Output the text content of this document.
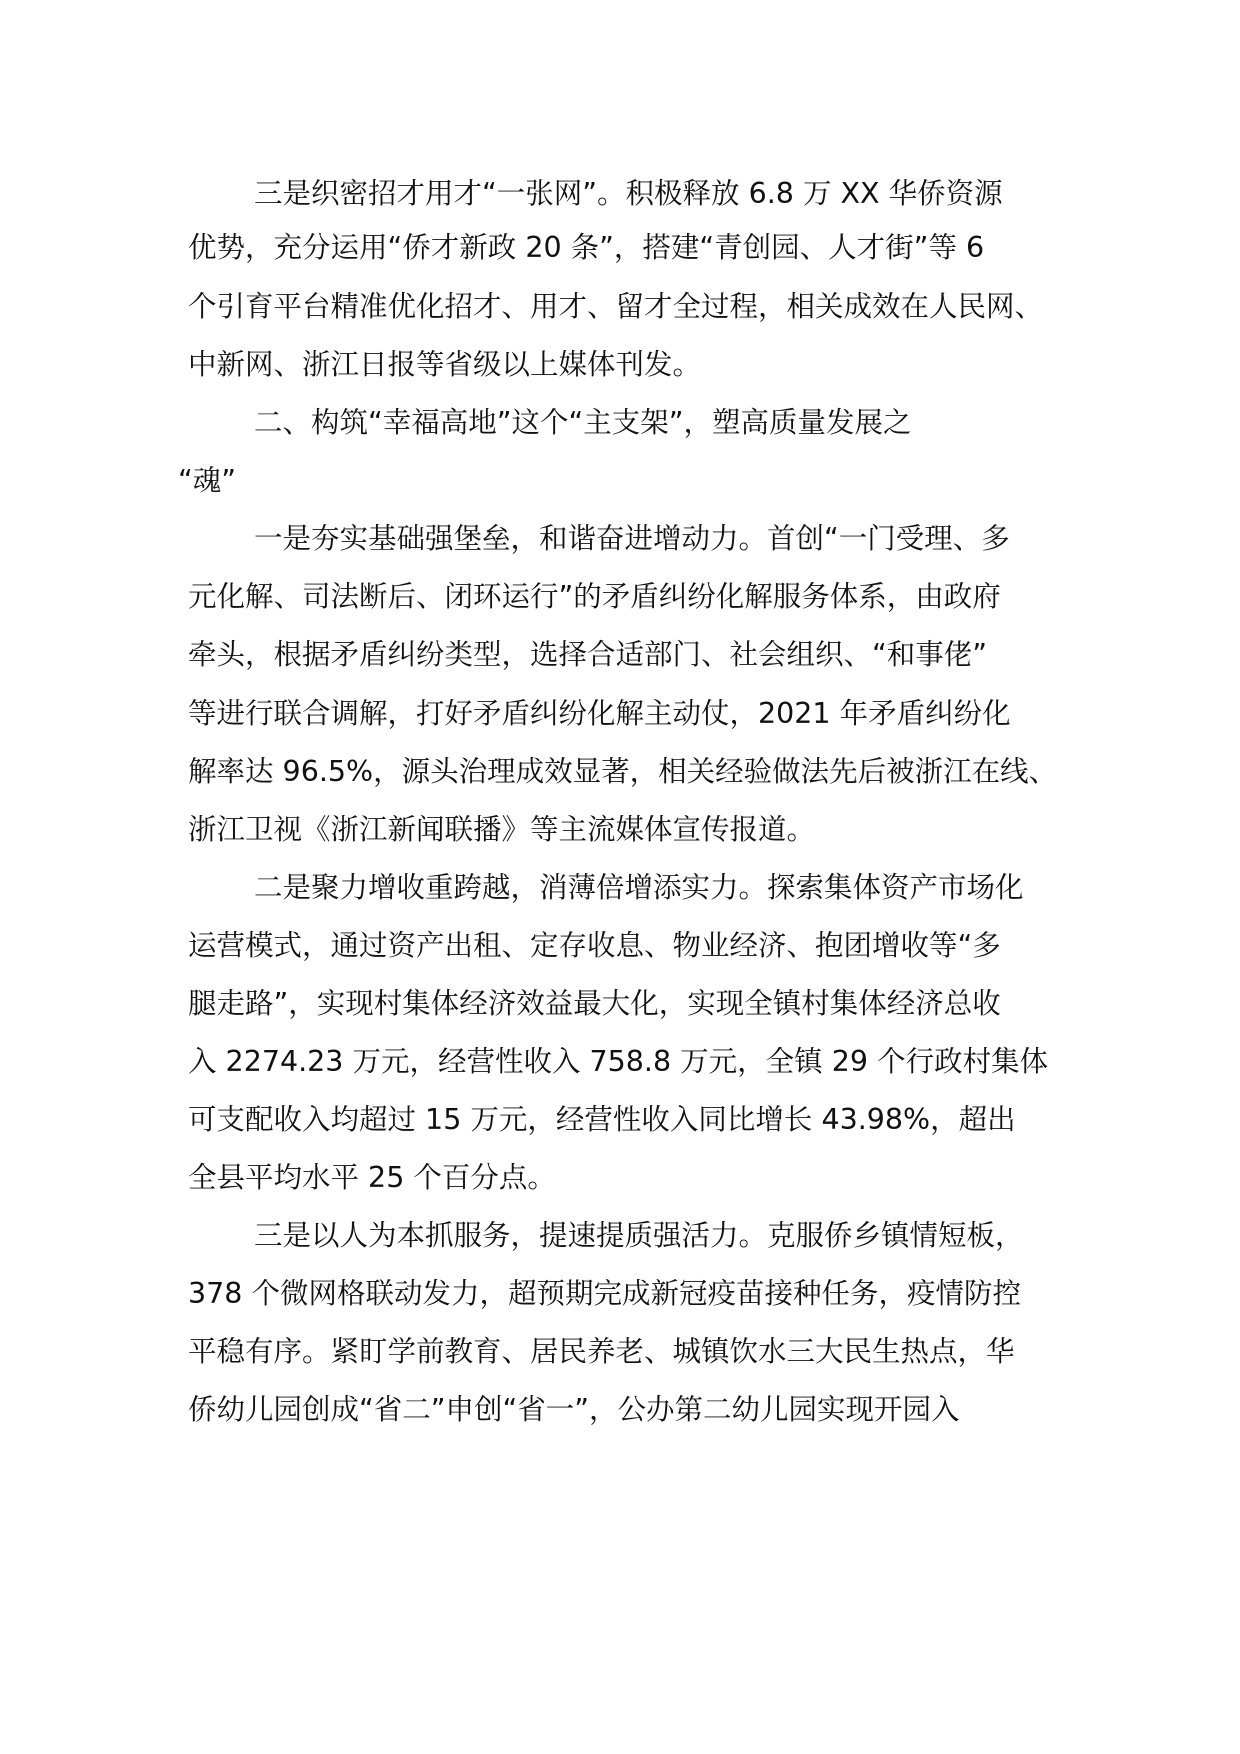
三是织密招才用才“一张网”。积极释放 6.8 万 XX 华侨资源
优势，充分运用“侨才新政 20 条”，搭建“青创园、人才街”等 6
个引育平台精准优化招才、用才、留才全过程，相关成效在人民网、
中新网、浙江日报等省级以上媒体刊发。
二、构筑“幸福高地”这个“主支架”，塑高质量发展之
“魂”
一是夯实基础强堡垒，和谐奋进增动力。首创“一门受理、多
元化解、司法断后、闭环运行”的矛盾纠纷化解服务体系，由政府
牵头，根据矛盾纠纷类型，选择合适部门、社会组织、“和事佬”
等进行联合调解，打好矛盾纠纷化解主动仗，2021 年矛盾纠纷化
解率达 96.5%，源头治理成效显著，相关经验做法先后被浙江在线、
浙江卫视《浙江新闻联播》等主流媒体宣传报道。
二是聚力增收重跨越，消薄倍增添实力。探索集体资产市场化
运营模式，通过资产出租、定存收息、物业经济、抱团增收等“多
腿走路”，实现村集体经济效益最大化，实现全镇村集体经济总收
入 2274.23 万元，经营性收入 758.8 万元，全镇 29 个行政村集体
可支配收入均超过 15 万元，经营性收入同比增长 43.98%，超出
全县平均水平 25 个百分点。
三是以人为本抓服务，提速提质强活力。克服侨乡镇情短板，
378 个微网格联动发力，超预期完成新冠疫苗接种任务，疫情防控
平稳有序。紧盯学前教育、居民养老、城镇饮水三大民生热点，华
侨幼儿园创成“省二”申创“省一”，公办第二幼儿园实现开园入
